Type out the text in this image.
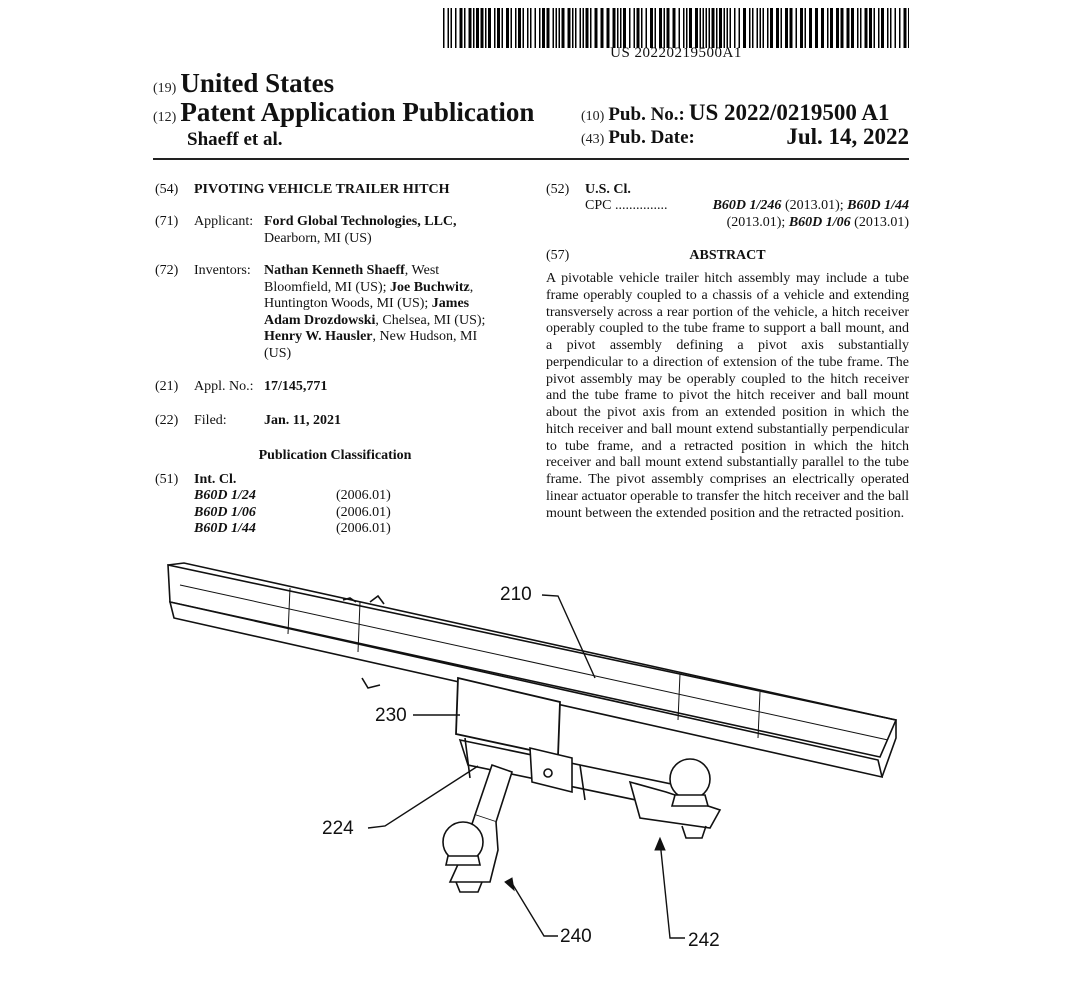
US 20220219500A1
(19) United States
(12) Patent Application Publication
Shaeff et al.
(10) Pub. No.: US 2022/0219500 A1
(43) Pub. Date:	Jul. 14, 2022
(54) PIVOTING VEHICLE TRAILER HITCH
(71) Applicant: Ford Global Technologies, LLC,
Dearborn, MI (US)
(72) Inventors: Nathan Kenneth Shaeff, West
Bloomfield, MI (US); Joe Buchwitz,
Huntington Woods, MI (US); James
Adam Drozdowski, Chelsea, MI (US);
Henry W. Hausler, New Hudson, MI
(US)
(21) Appl. No.: 17/145,771
(22) Filed:	Jan. 11, 2021
Publication Classification
(51) Int. Cl.
B60D 1/24	(2006.01)
B60D 1/06	(2006.01)
B60D 1/44	(2006.01)
(52) U.S. Cl.
CPC ...............	B60D 1/246 (2013.01); B60D 1/44
(2013.01); B60D 1/06 (2013.01)
(57)	ABSTRACT
A pivotable vehicle trailer hitch assembly may include a tube frame operably coupled to a chassis of a vehicle and extending transversely across a rear portion of the vehicle, a hitch receiver operably coupled to the tube frame to support a ball mount, and a pivot assembly defining a pivot axis substantially perpendicular to a direction of extension of the tube frame. The pivot assembly may be operably coupled to the hitch receiver and the tube frame to pivot the hitch receiver and ball mount about the pivot axis from an extended position in which the hitch receiver and ball mount extend substantially perpendicular to tube frame, and a retracted position in which the hitch receiver and ball mount extend substantially parallel to the tube frame. The pivot assembly comprises an electrically operated linear actuator operable to transfer the hitch receiver and the ball mount between the extended position and the retracted position.
210
230
224
240	242
